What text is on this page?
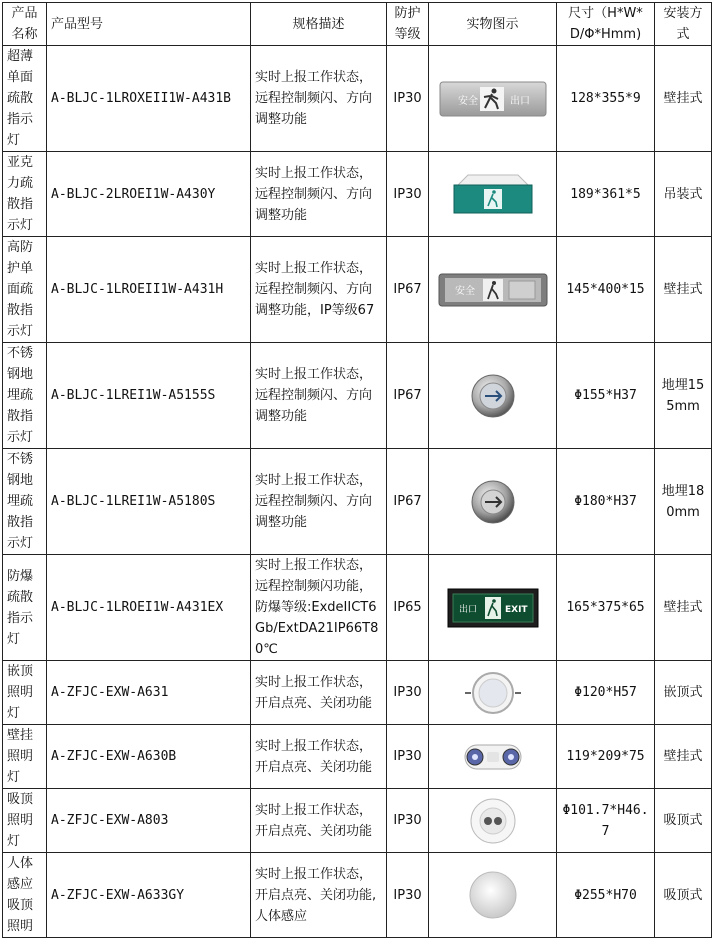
产品名称	产品型号	规格描述	防护等级	实物图示	尺寸（H*W*D/Φ*Hmm)	安装方式
超薄单面疏散指示灯	A-BLJC-1LROXEII1W-A431B	实时上报工作状态，远程控制频闪、方向调整功能	IP30	安全 出口	128*355*9	壁挂式
亚克力疏散指示灯	A-BLJC-2LROEI1W-A430Y	实时上报工作状态，远程控制频闪、方向调整功能	IP30		189*361*5	吊装式
高防护单面疏散指示灯	A-BLJC-1LROEII1W-A431H	实时上报工作状态，远程控制频闪、方向调整功能，IP等级67	IP67	安全	145*400*15	壁挂式
不锈钢地埋疏散指示灯	A-BLJC-1LREI1W-A5155S	实时上报工作状态，远程控制频闪、方向调整功能	IP67		Φ155*H37	地埋155mm
不锈钢地埋疏散指示灯	A-BLJC-1LREI1W-A5180S	实时上报工作状态，远程控制频闪、方向调整功能	IP67		Φ180*H37	地埋180mm
防爆疏散指示灯	A-BLJC-1LROEI1W-A431EX	实时上报工作状态，远程控制频闪功能，防爆等级:ExdeIICT6Gb/ExtDA21IP66T80℃	IP65	出口 EXIT	165*375*65	壁挂式
嵌顶照明灯	A-ZFJC-EXW-A631	实时上报工作状态，开启点亮、关闭功能	IP30		Φ120*H57	嵌顶式
壁挂照明灯	A-ZFJC-EXW-A630B	实时上报工作状态，开启点亮、关闭功能	IP30		119*209*75	壁挂式
吸顶照明灯	A-ZFJC-EXW-A803	实时上报工作状态，开启点亮、关闭功能	IP30		Φ101.7*H46.7	吸顶式
人体感应吸顶照明	A-ZFJC-EXW-A633GY	实时上报工作状态，开启点亮、关闭功能,人体感应	IP30		Φ255*H70	吸顶式
